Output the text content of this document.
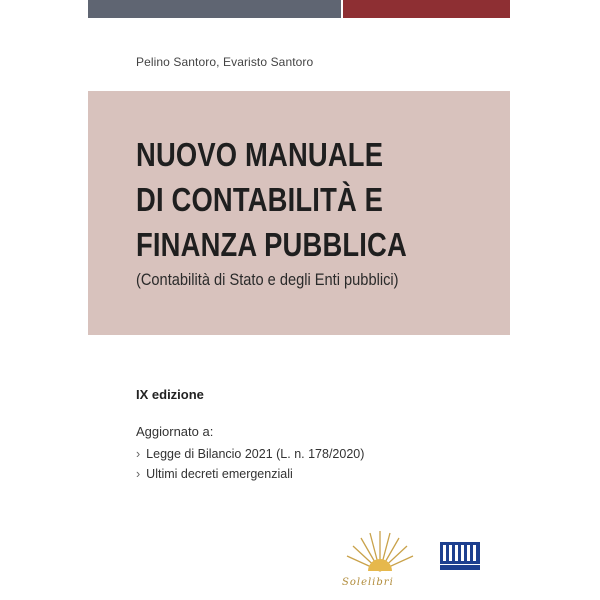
Pelino Santoro, Evaristo Santoro
NUOVO MANUALE
DI CONTABILITÀ E
FINANZA PUBBLICA
(Contabilità di Stato e degli Enti pubblici)
IX edizione
Aggiornato a:
› Legge di Bilancio 2021 (L. n. 178/2020)
› Ultimi decreti emergenziali
Solelibri
